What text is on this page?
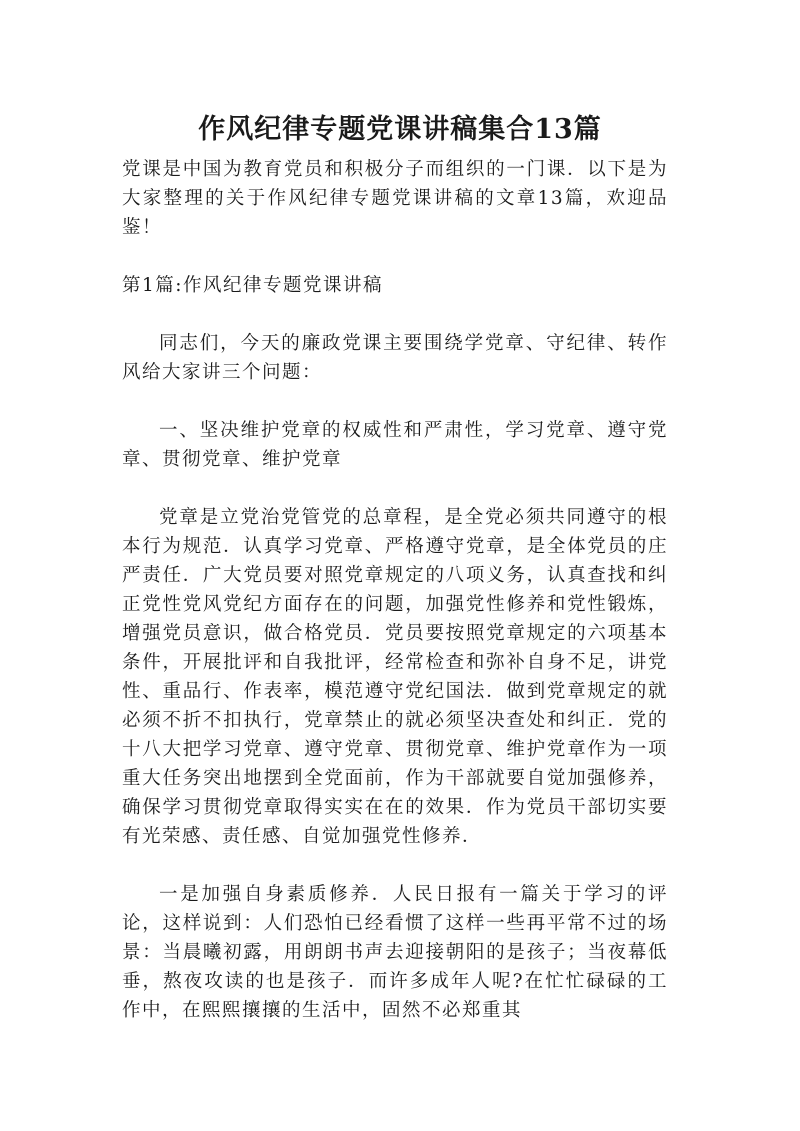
作风纪律专题党课讲稿集合13篇

党课是中国为教育党员和积极分子而组织的一门课．以下是为大家整理的关于作风纪律专题党课讲稿的文章13篇，欢迎品鉴！

第1篇:作风纪律专题党课讲稿

同志们，今天的廉政党课主要围绕学党章、守纪律、转作风给大家讲三个问题：

一、坚决维护党章的权威性和严肃性，学习党章、遵守党章、贯彻党章、维护党章

党章是立党治党管党的总章程，是全党必须共同遵守的根本行为规范．认真学习党章、严格遵守党章，是全体党员的庄严责任．广大党员要对照党章规定的八项义务，认真查找和纠正党性党风党纪方面存在的问题，加强党性修养和党性锻炼，增强党员意识，做合格党员．党员要按照党章规定的六项基本条件，开展批评和自我批评，经常检查和弥补自身不足，讲党性、重品行、作表率，模范遵守党纪国法．做到党章规定的就必须不折不扣执行，党章禁止的就必须坚决查处和纠正．党的十八大把学习党章、遵守党章、贯彻党章、维护党章作为一项重大任务突出地摆到全党面前，作为干部就要自觉加强修养，确保学习贯彻党章取得实实在在的效果．作为党员干部切实要有光荣感、责任感、自觉加强党性修养．

一是加强自身素质修养．人民日报有一篇关于学习的评论，这样说到：人们恐怕已经看惯了这样一些再平常不过的场景：当晨曦初露，用朗朗书声去迎接朝阳的是孩子；当夜幕低垂，熬夜攻读的也是孩子．而许多成年人呢?在忙忙碌碌的工作中，在熙熙攘攘的生活中，固然不必郑重其
